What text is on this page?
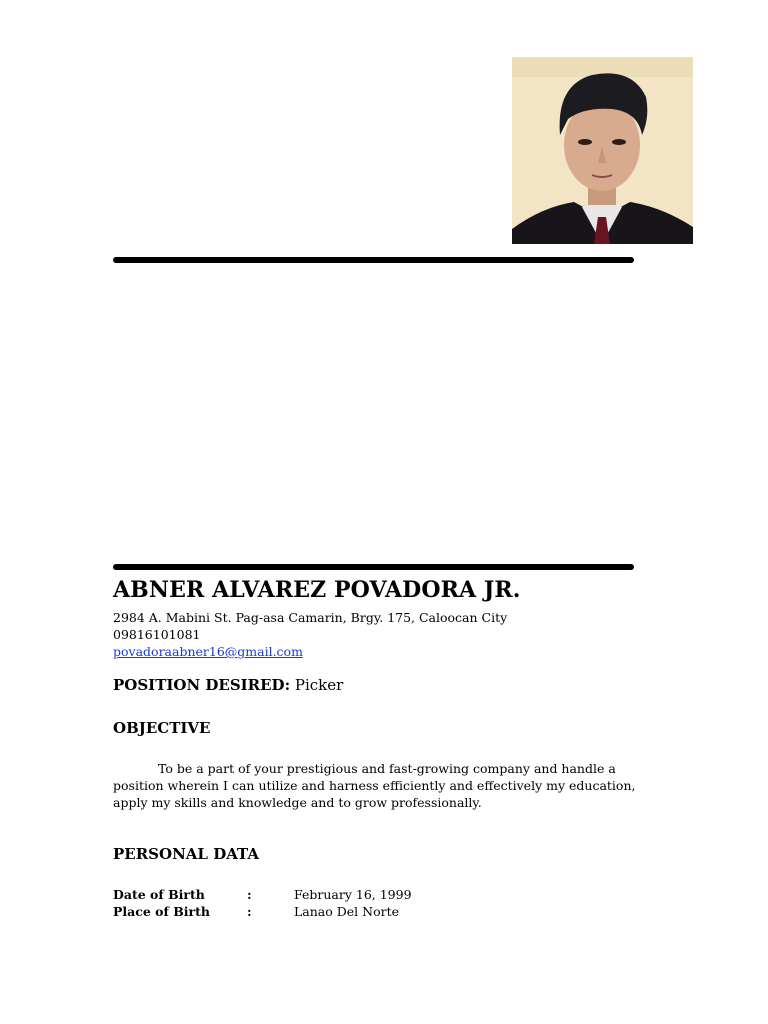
ABNER ALVAREZ POVADORA JR.
2984 A. Mabini St. Pag-asa Camarin, Brgy. 175, Caloocan City
09816101081
povadoraabner16@gmail.com
POSITION DESIRED: Picker
OBJECTIVE
To be a part of your prestigious and fast-growing company and handle a position wherein I can utilize and harness efficiently and effectively my education, apply my skills and knowledge and to grow professionally.
PERSONAL DATA
Date of Birth	:	February 16, 1999
Place of Birth	:	Lanao Del Norte
